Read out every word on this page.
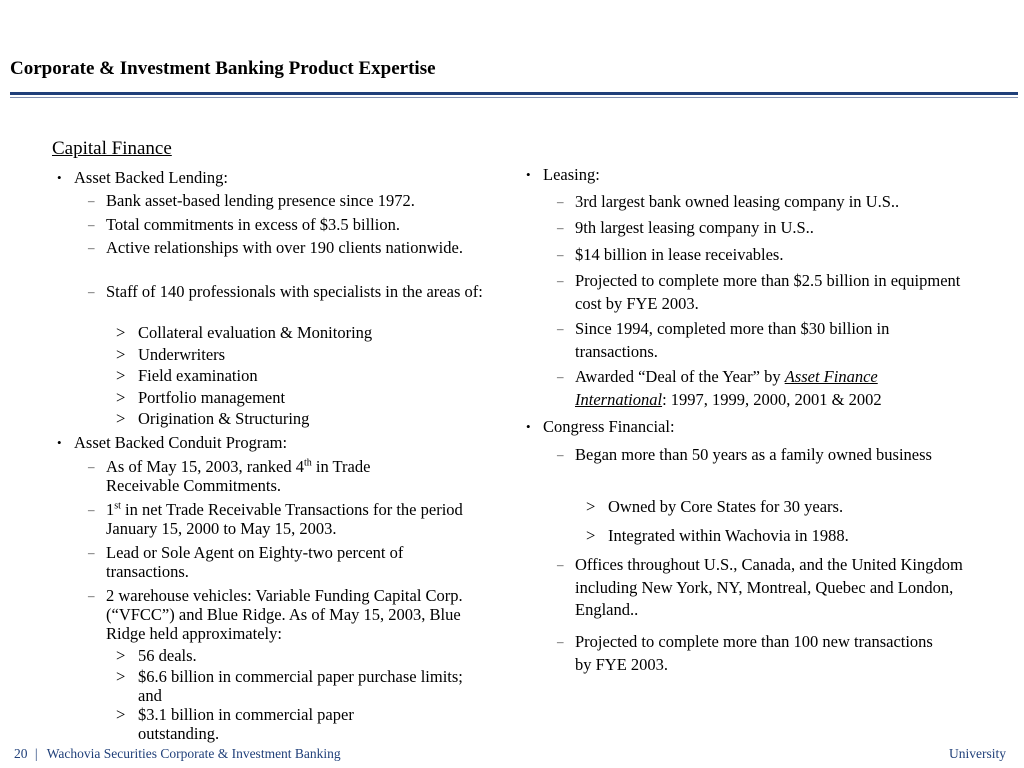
Corporate & Investment Banking Product Expertise
Capital Finance
• Asset Backed Lending:
– Bank asset-based lending presence since 1972.
– Total commitments in excess of $3.5 billion.
– Active relationships with over 190 clients nationwide.
– Staff of 140 professionals with specialists in the areas of:
> Collateral evaluation & Monitoring
> Underwriters
> Field examination
> Portfolio management
> Origination & Structuring
• Asset Backed Conduit Program:
– As of May 15, 2003, ranked 4th in Trade Receivable Commitments.
– 1st in net Trade Receivable Transactions for the period January 15, 2000 to May 15, 2003.
– Lead or Sole Agent on Eighty-two percent of transactions.
– 2 warehouse vehicles: Variable Funding Capital Corp. (“VFCC”) and Blue Ridge. As of May 15, 2003, Blue Ridge held approximately:
> 56 deals.
> $6.6 billion in commercial paper purchase limits; and
> $3.1 billion in commercial paper outstanding.
• Leasing:
– 3rd largest bank owned leasing company in U.S..
– 9th largest leasing company in U.S..
– $14 billion in lease receivables.
– Projected to complete more than $2.5 billion in equipment cost by FYE 2003.
– Since 1994, completed more than $30 billion in transactions.
– Awarded “Deal of the Year” by Asset Finance International: 1997, 1999, 2000, 2001 & 2002
• Congress Financial:
– Began more than 50 years as a family owned business
> Owned by Core States for 30 years.
> Integrated within Wachovia in 1988.
– Offices throughout U.S., Canada, and the United Kingdom including New York, NY, Montreal, Quebec and London, England..
– Projected to complete more than 100 new transactions by FYE 2003.
20 | Wachovia Securities Corporate & Investment Banking	University
